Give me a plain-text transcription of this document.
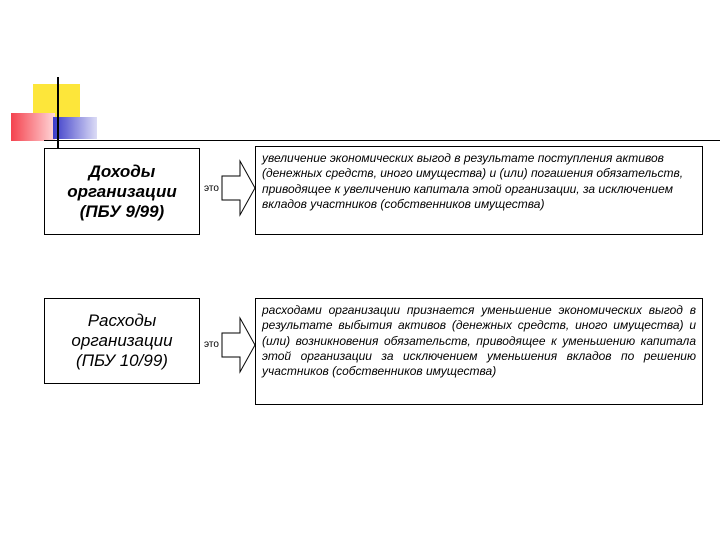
Доходы
организации
(ПБУ 9/99)
это
увеличение экономических выгод в результате поступления активов (денежных средств, иного имущества) и (или) погашения обязательств, приводящее к увеличению капитала этой организации, за исключением вкладов участников (собственников имущества)
Расходы
организации
(ПБУ 10/99)
это
расходами организации признается уменьшение экономических выгод в результате выбытия активов (денежных средств, иного имущества) и (или) возникновения обязательств, приводящее к уменьшению капитала этой организации за исключением уменьшения вкладов по решению участников (собственников имущества)
